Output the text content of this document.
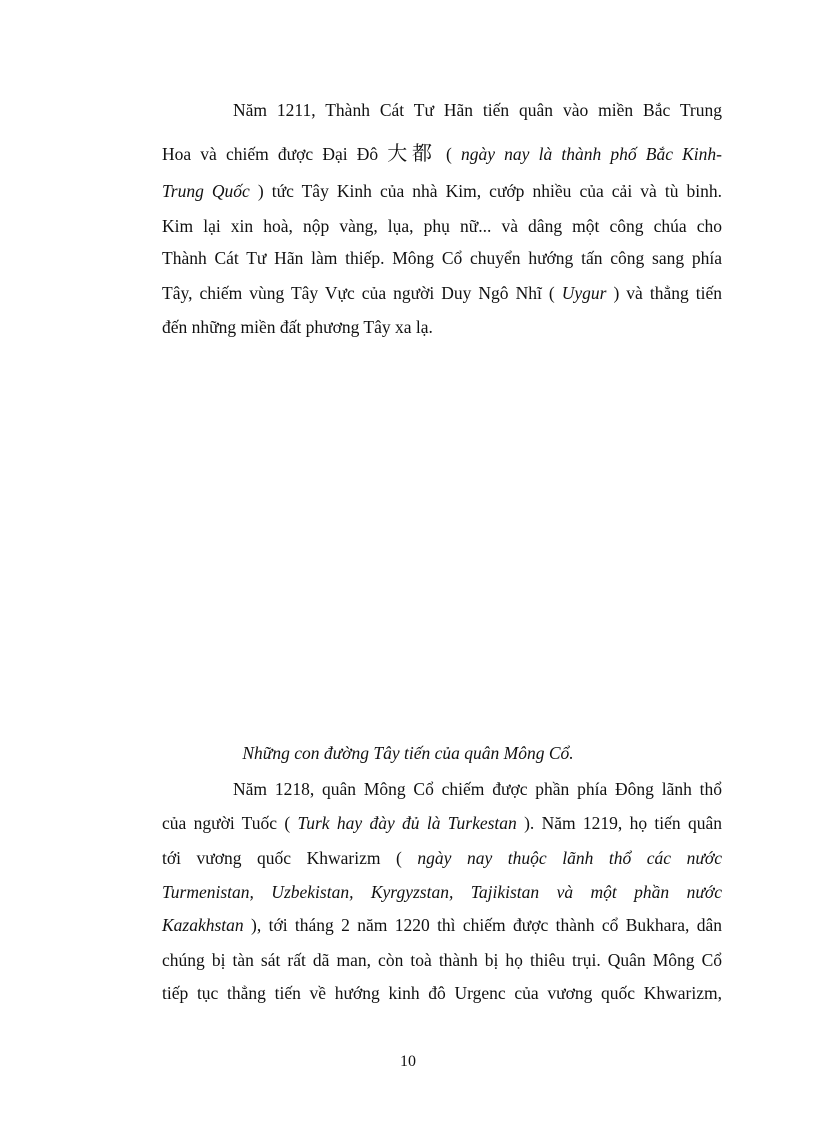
Năm 1211, Thành Cát Tư Hãn tiến quân vào miền Bắc Trung
Hoa và chiếm được Đại Đô 大都 ( ngày nay là thành phố Bắc Kinh-
Trung Quốc ) tức Tây Kinh của nhà Kim, cướp nhiều của cải và tù binh.
Kim lại xin hoà, nộp vàng, lụa, phụ nữ... và dâng một công chúa cho
Thành Cát Tư Hãn làm thiếp. Mông Cổ chuyển hướng tấn công sang phía
Tây, chiếm vùng Tây Vực của người Duy Ngô Nhĩ ( Uygur ) và thẳng tiến
đến những miền đất phương Tây xa lạ.
Những con đường Tây tiến của quân Mông Cổ.
Năm 1218, quân Mông Cổ chiếm được phần phía Đông lãnh thổ
của người Tuốc ( Turk hay đày đủ là Turkestan ). Năm 1219, họ tiến quân
tới vương quốc Khwarizm ( ngày nay thuộc lãnh thổ các nước
Turmenistan, Uzbekistan, Kyrgyzstan, Tajikistan và một phần nước
Kazakhstan ), tới tháng 2 năm 1220 thì chiếm được thành cổ Bukhara, dân
chúng bị tàn sát rất dã man, còn toà thành bị họ thiêu trụi. Quân Mông Cổ
tiếp tục thẳng tiến về hướng kinh đô Urgenc của vương quốc Khwarizm,
10
